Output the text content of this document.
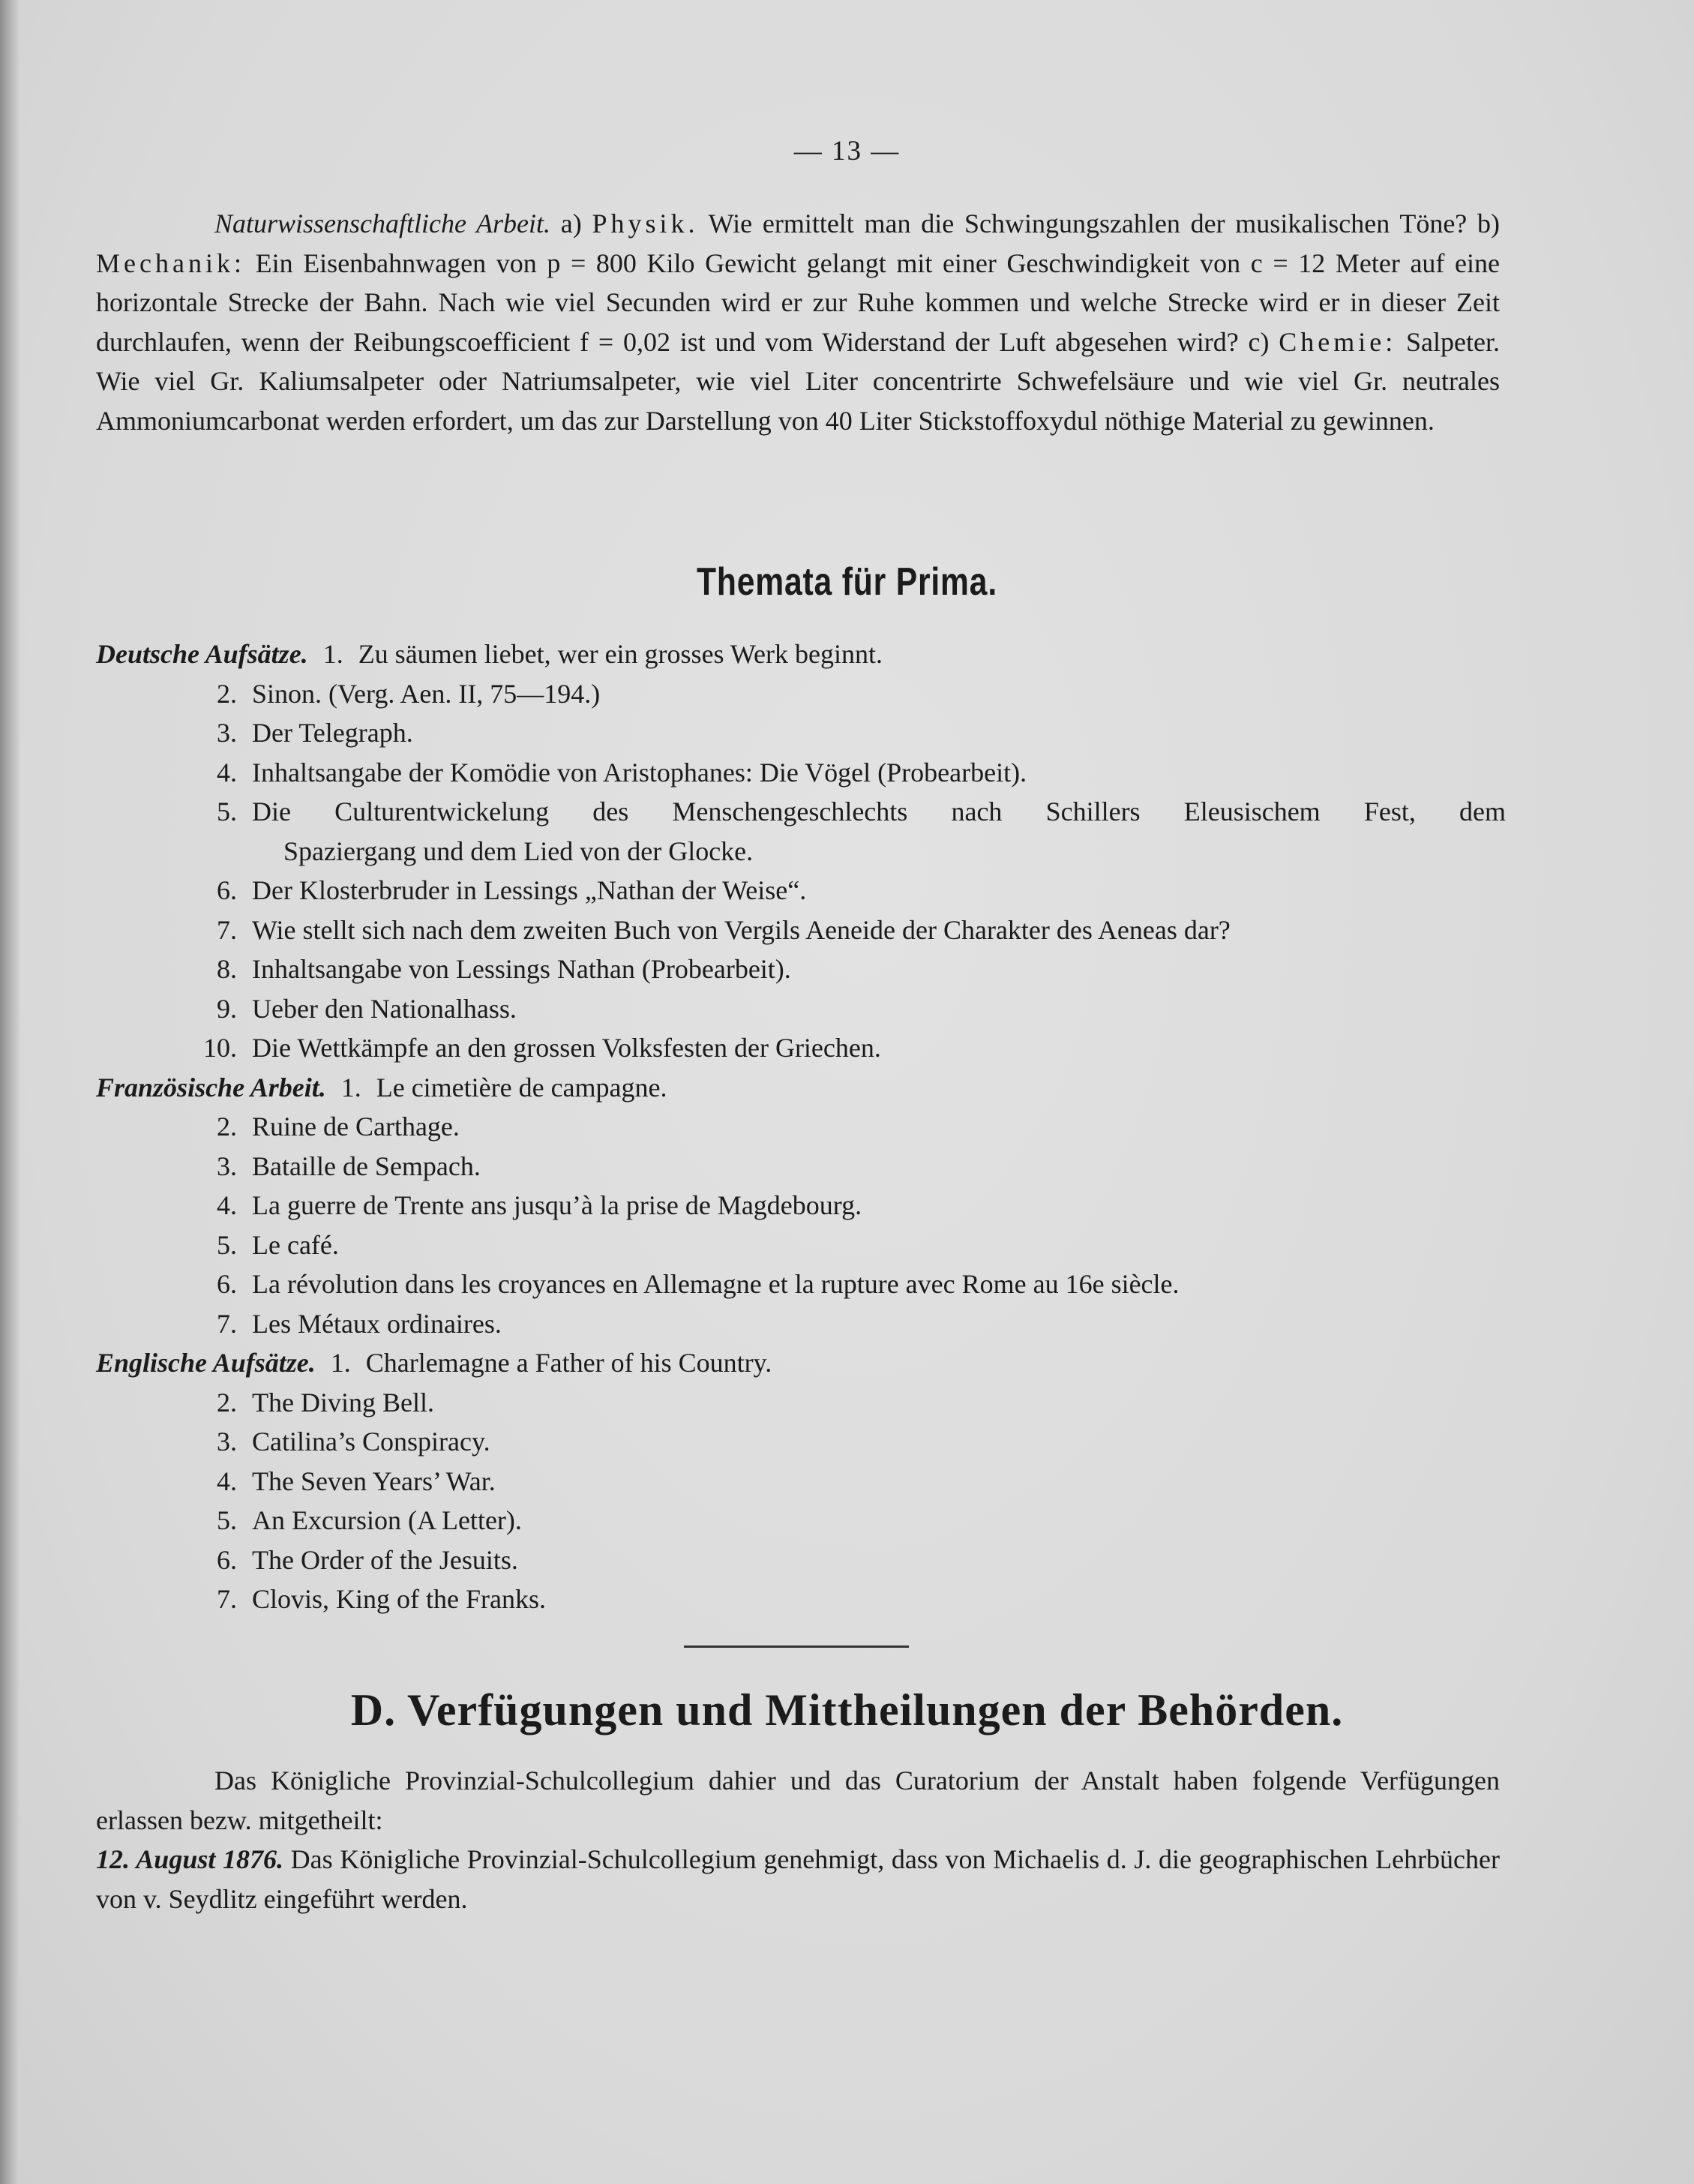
— 13 —

Naturwissenschaftliche Arbeit. a) Physik. Wie ermittelt man die Schwingungszahlen der musikalischen Töne? b) Mechanik: Ein Eisenbahnwagen von p = 800 Kilo Gewicht gelangt mit einer Geschwindigkeit von c = 12 Meter auf eine horizontale Strecke der Bahn. Nach wie viel Secunden wird er zur Ruhe kommen und welche Strecke wird er in dieser Zeit durchlaufen, wenn der Reibungscoefficient f = 0,02 ist und vom Widerstand der Luft abgesehen wird? c) Chemie: Salpeter. Wie viel Gr. Kaliumsalpeter oder Natriumsalpeter, wie viel Liter concentrirte Schwefelsäure und wie viel Gr. neutrales Ammoniumcarbonat werden erfordert, um das zur Darstellung von 40 Liter Stickstoffoxydul nöthige Material zu gewinnen.

Themata für Prima.
Deutsche Aufsätze. 1. Zu säumen liebet, wer ein grosses Werk beginnt.
2. Sinon. (Verg. Aen. II, 75—194.)
3. Der Telegraph.
4. Inhaltsangabe der Komödie von Aristophanes: Die Vögel (Probearbeit).
5. Die Culturentwickelung des Menschengeschlechts nach Schillers Eleusischem Fest, dem
Spaziergang und dem Lied von der Glocke.
6. Der Klosterbruder in Lessings „Nathan der Weise“.
7. Wie stellt sich nach dem zweiten Buch von Vergils Aeneide der Charakter des Aeneas dar?
8. Inhaltsangabe von Lessings Nathan (Probearbeit).
9. Ueber den Nationalhass.
10. Die Wettkämpfe an den grossen Volksfesten der Griechen.
Französische Arbeit. 1. Le cimetière de campagne.
2. Ruine de Carthage.
3. Bataille de Sempach.
4. La guerre de Trente ans jusqu’à la prise de Magdebourg.
5. Le café.
6. La révolution dans les croyances en Allemagne et la rupture avec Rome au 16e siècle.
7. Les Métaux ordinaires.
Englische Aufsätze. 1. Charlemagne a Father of his Country.
2. The Diving Bell.
3. Catilina’s Conspiracy.
4. The Seven Years’ War.
5. An Excursion (A Letter).
6. The Order of the Jesuits.
7. Clovis, King of the Franks.
D. Verfügungen und Mittheilungen der Behörden.

Das Königliche Provinzial-Schulcollegium dahier und das Curatorium der Anstalt haben folgende Verfügungen erlassen bezw. mitgetheilt:

12. August 1876. Das Königliche Provinzial-Schulcollegium genehmigt, dass von Michaelis d. J. die geographischen Lehrbücher von v. Seydlitz eingeführt werden.
